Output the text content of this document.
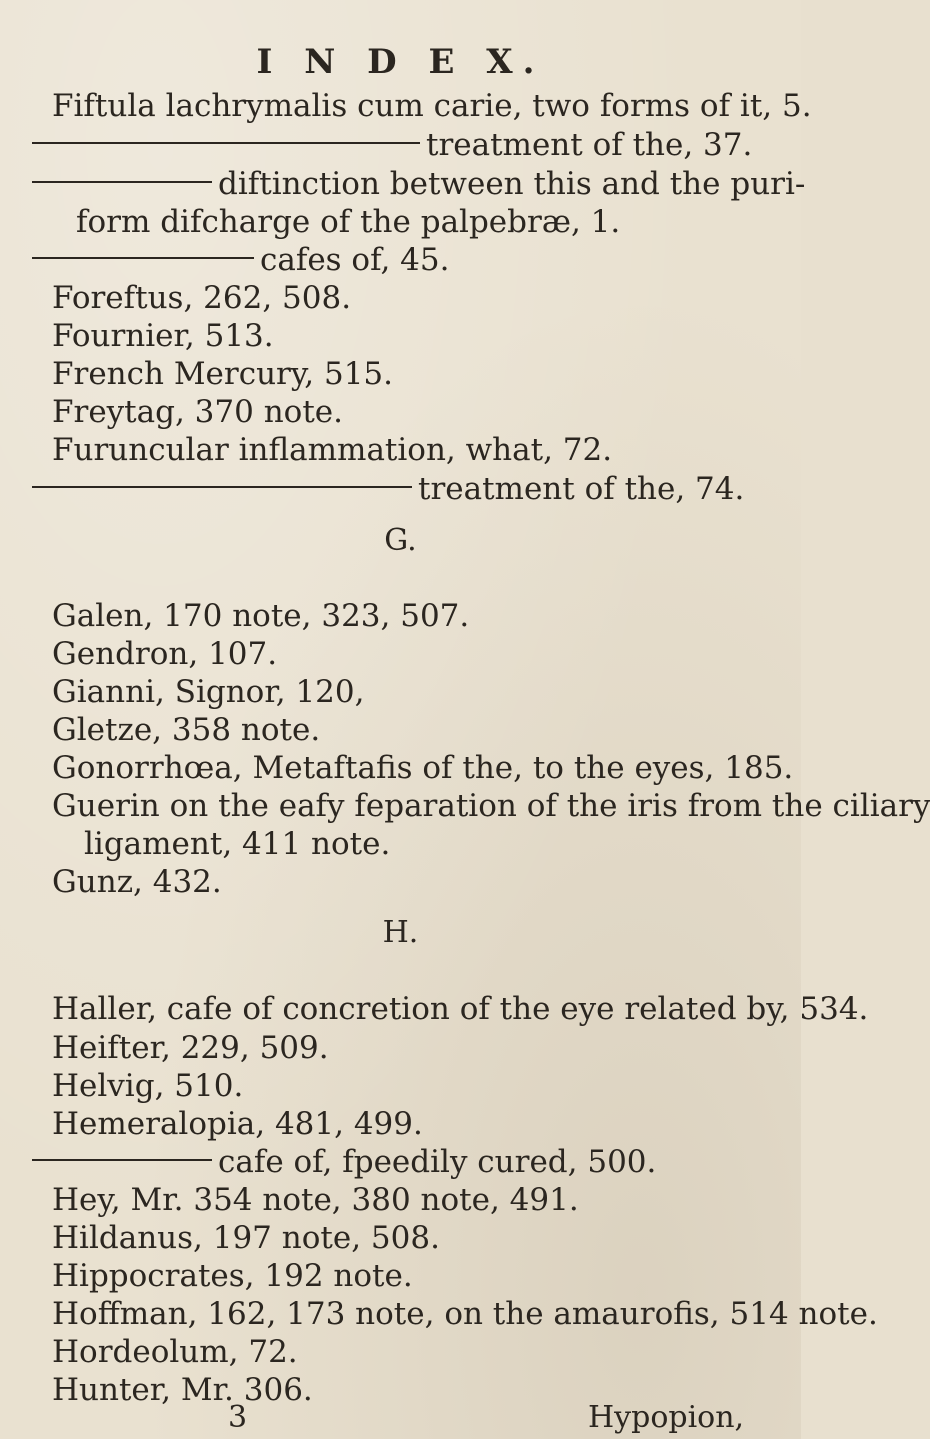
I N D E X.
Fiftula lachrymalis cum carie, two forms of it, 5.
treatment of the, 37.
diftinction between this and the puri-
form difcharge of the palpebræ, 1.
cafes of, 45.
Foreftus, 262, 508.
Fournier, 513.
French Mercury, 515.
Freytag, 370 note.
Furuncular inflammation, what, 72.
treatment of the, 74.
G.
Galen, 170 note, 323, 507.
Gendron, 107.
Gianni, Signor, 120,
Gletze, 358 note.
Gonorrhœa, Metaftafis of the, to the eyes, 185.
Guerin on the eafy feparation of the iris from the ciliary
ligament, 411 note.
Gunz, 432.
H.
Haller, cafe of concretion of the eye related by, 534.
Heifter, 229, 509.
Helvig, 510.
Hemeralopia, 481, 499.
cafe of, fpeedily cured, 500.
Hey, Mr. 354 note, 380 note, 491.
Hildanus, 197 note, 508.
Hippocrates, 192 note.
Hoffman, 162, 173 note, on the amaurofis, 514 note.
Hordeolum, 72.
Hunter, Mr. 306.
3	Hypopion,
